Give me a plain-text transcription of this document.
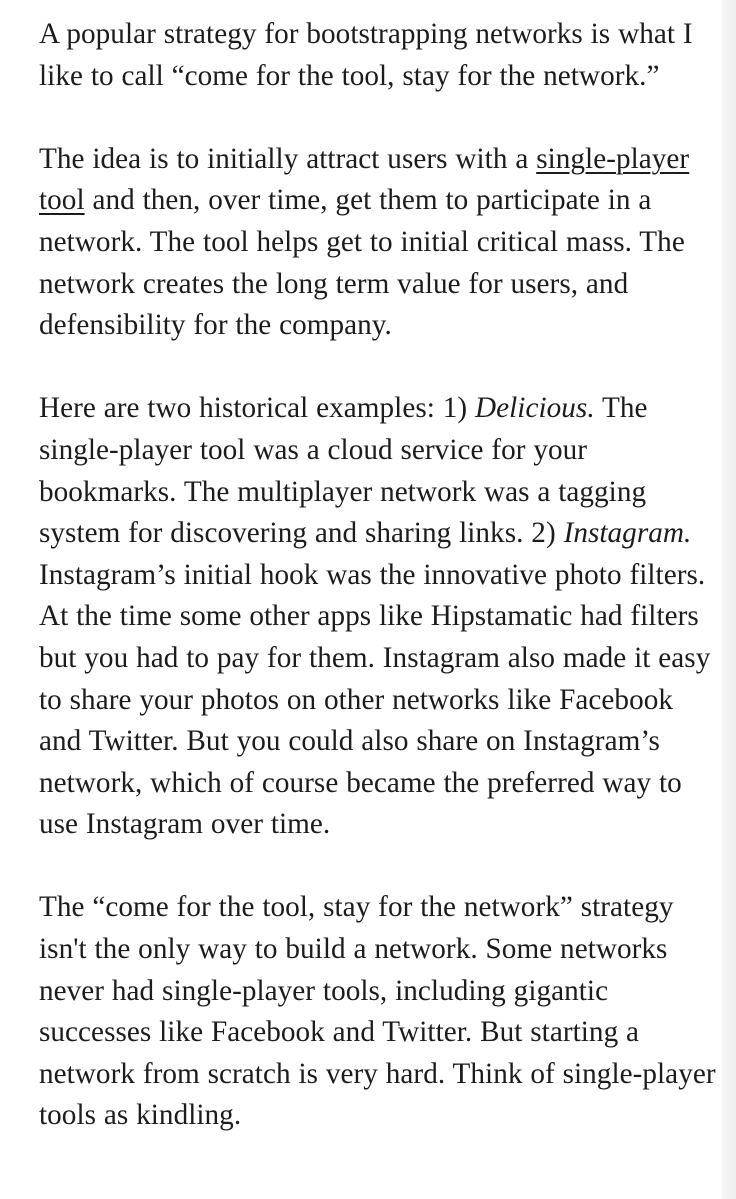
A popular strategy for bootstrapping networks is what I like to call “come for the tool, stay for the network.”

The idea is to initially attract users with a single-player tool and then, over time, get them to participate in a network. The tool helps get to initial critical mass. The network creates the long term value for users, and defensibility for the company.

Here are two historical examples: 1) Delicious. The single-player tool was a cloud service for your bookmarks. The multiplayer network was a tagging system for discovering and sharing links. 2) Instagram. Instagram’s initial hook was the innovative photo filters. At the time some other apps like Hipstamatic had filters but you had to pay for them. Instagram also made it easy to share your photos on other networks like Facebook and Twitter. But you could also share on Instagram’s network, which of course became the preferred way to use Instagram over time.

The “come for the tool, stay for the network” strategy isn't the only way to build a network. Some networks never had single-player tools, including gigantic successes like Facebook and Twitter. But starting a network from scratch is very hard. Think of single-player tools as kindling.
